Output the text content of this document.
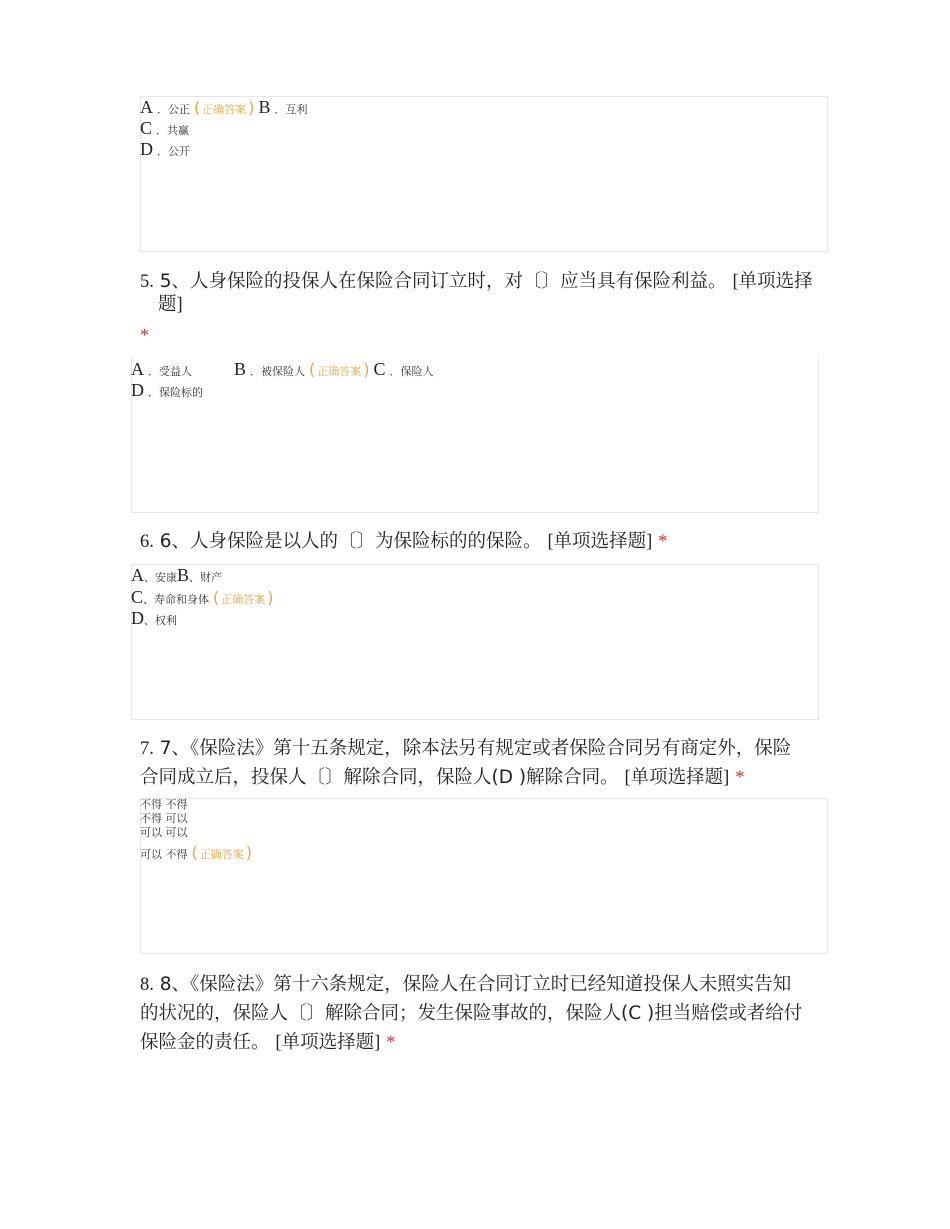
A ．公正 ( 正确答案 ) B ．互利
C ．共赢
D ．公开
5. 5、人身保险的投保人在保险合同订立时，对〔〕应当具有保险利益。 [单项选择
题]
*
A ．受益人 B ．被保险人 ( 正确答案 ) C ．保险人
D ．保险标的
6. 6、人身保险是以人的〔〕为保险标的的保险。 [单项选择题] *
A、安康B、财产
C、寿命和身体 ( 正确答案 )
D、权利
7. 7、《保险法》第十五条规定，除本法另有规定或者保险合同另有商定外，保险
合同成立后，投保人〔〕解除合同，保险人(D )解除合同。 [单项选择题] *
不得 不得
不得 可以
可以 可以
可以 不得 ( 正确答案 )
8. 8、《保险法》第十六条规定，保险人在合同订立时已经知道投保人未照实告知
的状况的，保险人〔〕解除合同；发生保险事故的，保险人(C )担当赔偿或者给付
保险金的责任。 [单项选择题] *
